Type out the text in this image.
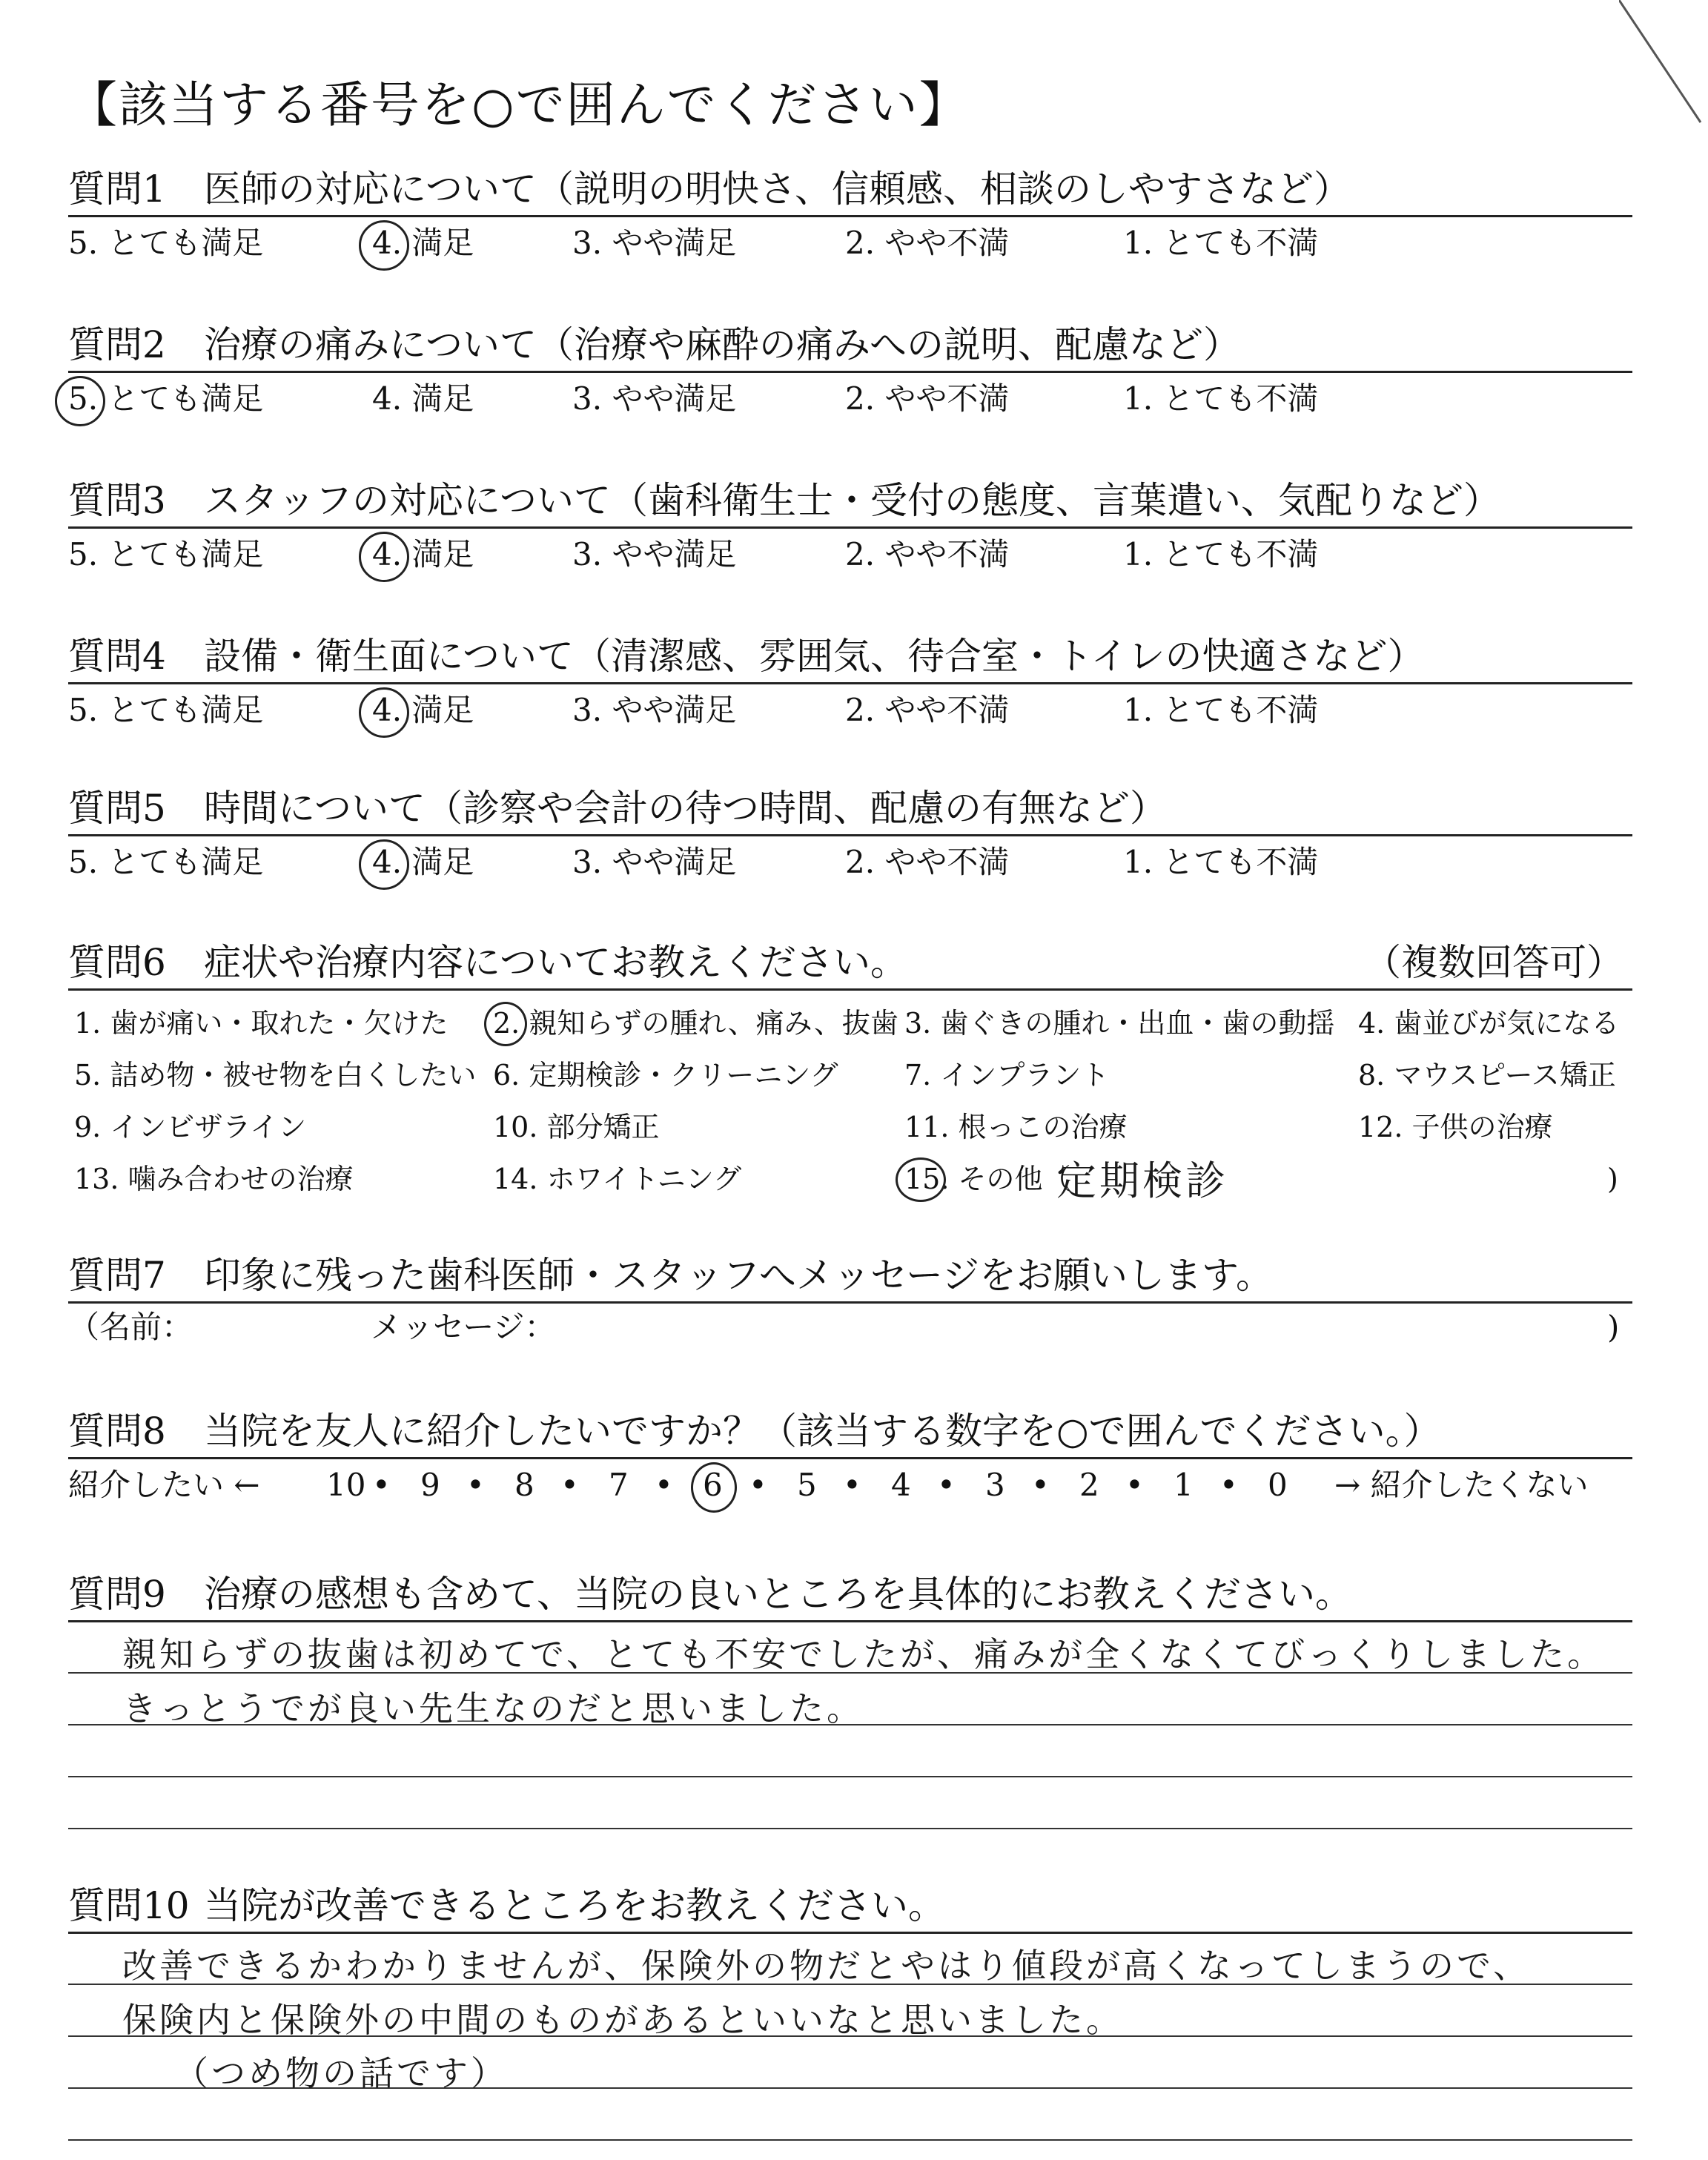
【該当する番号を○で囲んでください】
質問1 医師の対応について（説明の明快さ、信頼感、相談のしやすさなど）
5. とても満足	4. 満足	3. やや満足	2. やや不満	1. とても不満
質問2 治療の痛みについて（治療や麻酔の痛みへの説明、配慮など）
5. とても満足	4. 満足	3. やや満足	2. やや不満	1. とても不満
質問3 スタッフの対応について（歯科衛生士・受付の態度、言葉遣い、気配りなど）
5. とても満足	4. 満足	3. やや満足	2. やや不満	1. とても不満
質問4 設備・衛生面について（清潔感、雰囲気、待合室・トイレの快適さなど）
5. とても満足	4. 満足	3. やや満足	2. やや不満	1. とても不満
質問5 時間について（診察や会計の待つ時間、配慮の有無など）
5. とても満足	4. 満足	3. やや満足	2. やや不満	1. とても不満
質問6 症状や治療内容についてお教えください。	（複数回答可）
1. 歯が痛い・取れた・欠けた 2. 親知らずの腫れ、痛み、抜歯 3. 歯ぐきの腫れ・出血・歯の動揺 4. 歯並びが気になる
5. 詰め物・被せ物を白くしたい 6. 定期検診・クリーニング 7. インプラント	8. マウスピース矯正
9. インビザライン	10. 部分矯正	11. 根っこの治療	12. 子供の治療
13. 噛み合わせの治療	14. ホワイトニング	15. その他（	)
定期検診
質問7 印象に残った歯科医師・スタッフへメッセージをお願いします。
（名前：	メッセージ：	)
質問8 当院を友人に紹介したいですか？（該当する数字を○で囲んでください。）
紹介したい ← 10 • 9 • 8 • 7 • 6 • 5 • 4 • 3 • 2 • 1 • 0 → 紹介したくない
質問9 治療の感想も含めて、当院の良いところを具体的にお教えください。
親知らずの抜歯は初めてで、とても不安でしたが、痛みが全くなくてびっくりしました。
きっとうでが良い先生なのだと思いました。
質問10 当院が改善できるところをお教えください。
改善できるかわかりませんが、保険外の物だとやはり値段が高くなってしまうので、
保険内と保険外の中間のものがあるといいなと思いました。
（つめ物の話です）
